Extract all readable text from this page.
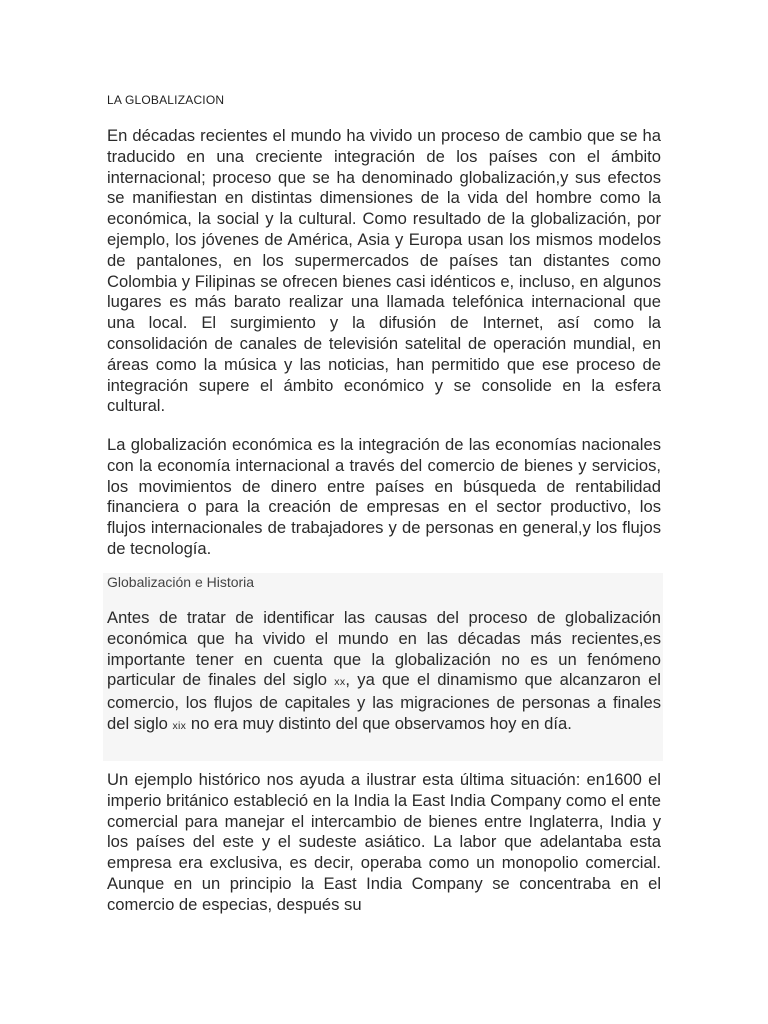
LA GLOBALIZACION

En décadas recientes el mundo ha vivido un proceso de cambio que se ha traducido en una creciente integración de los países con el ámbito internacional; proceso que se ha denominado globalización,y sus efectos se manifiestan en distintas dimensiones de la vida del hombre como la económica, la social y la cultural. Como resultado de la globalización, por ejemplo, los jóvenes de América, Asia y Europa usan los mismos modelos de pantalones, en los supermercados de países tan distantes como Colombia y Filipinas se ofrecen bienes casi idénticos e, incluso, en algunos lugares es más barato realizar una llamada telefónica internacional que una local. El surgimiento y la difusión de Internet, así como la consolidación de canales de televisión satelital de operación mundial, en áreas como la música y las noticias, han permitido que ese proceso de integración supere el ámbito económico y se consolide en la esfera cultural.

La globalización económica es la integración de las economías nacionales con la economía internacional a través del comercio de bienes y servicios, los movimientos de dinero entre países en búsqueda de rentabilidad financiera o para la creación de empresas en el sector productivo, los flujos internacionales de trabajadores y de personas en general,y los flujos de tecnología.

Globalización e Historia

Antes de tratar de identificar las causas del proceso de globalización económica que ha vivido el mundo en las décadas más recientes,es importante tener en cuenta que la globalización no es un fenómeno particular de finales del siglo xx, ya que el dinamismo que alcanzaron el comercio, los flujos de capitales y las migraciones de personas a finales del siglo xix no era muy distinto del que observamos hoy en día.

Un ejemplo histórico nos ayuda a ilustrar esta última situación: en1600 el imperio británico estableció en la India la East India Company como el ente comercial para manejar el intercambio de bienes entre Inglaterra, India y los países del este y el sudeste asiático. La labor que adelantaba esta empresa era exclusiva, es decir, operaba como un monopolio comercial. Aunque en un principio la East India Company se concentraba en el comercio de especias, después su
